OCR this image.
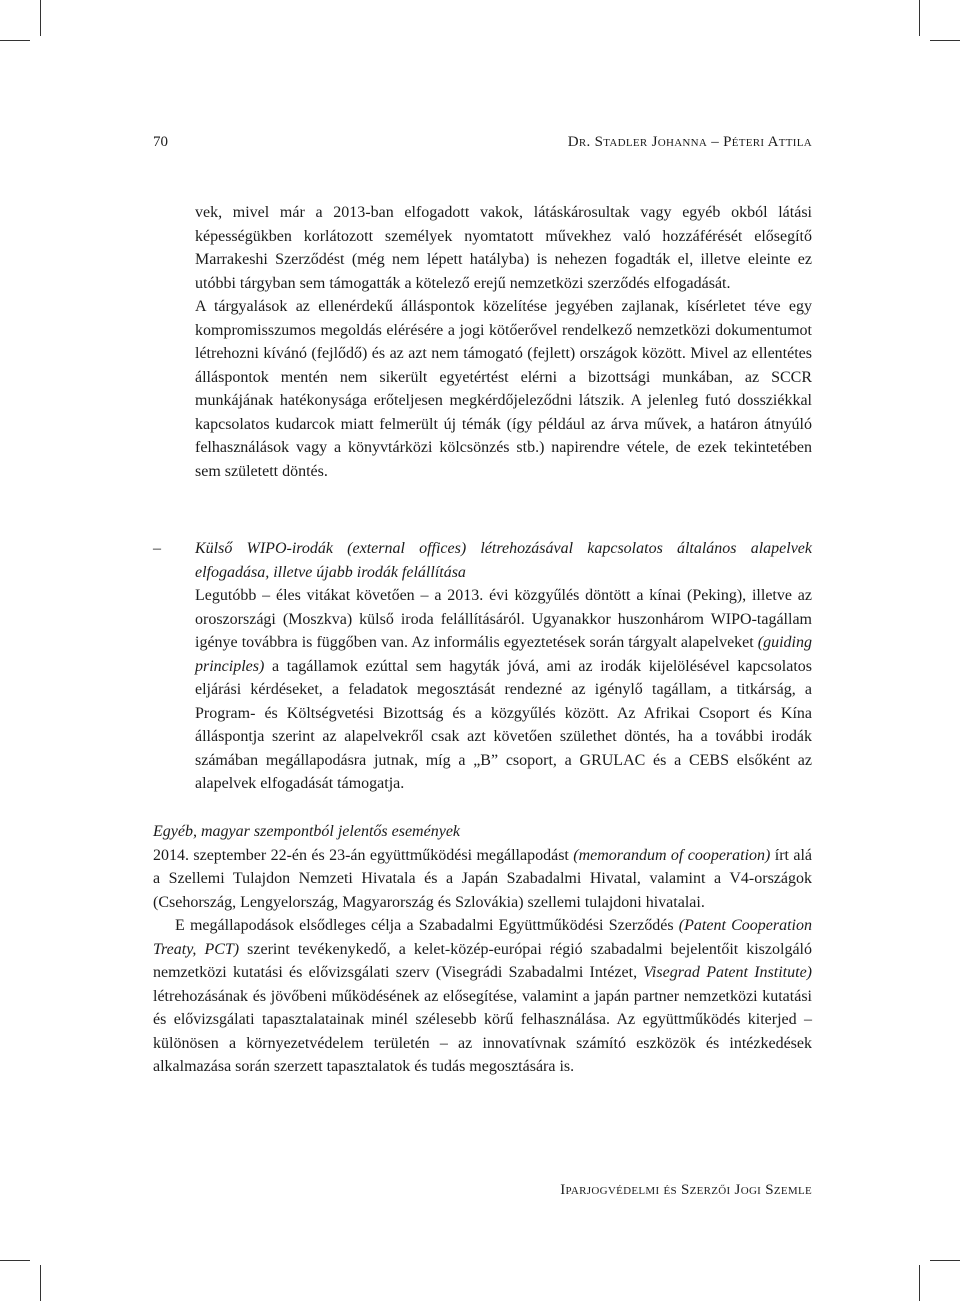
70	Dr. Stadler Johanna – Péteri Attila

vek, mivel már a 2013-ban elfogadott vakok, látáskárosultak vagy egyéb okból látási képességükben korlátozott személyek nyomtatott művekhez való hozzáférését elősegítő Marrakeshi Szerződést (még nem lépett hatályba) is nehezen fogadták el, illetve eleinte ez utóbbi tárgyban sem támogatták a kötelező erejű nemzetközi szerződés elfogadását.

A tárgyalások az ellenérdekű álláspontok közelítése jegyében zajlanak, kísérletet téve egy kompromisszumos megoldás elérésére a jogi kötőerővel rendelkező nemzetközi dokumentumot létrehozni kívánó (fejlődő) és az azt nem támogató (fejlett) országok között. Mivel az ellentétes álláspontok mentén nem sikerült egyetértést elérni a bizottsági munkában, az SCCR munkájának hatékonysága erőteljesen megkérdőjeleződni látszik. A jelenleg futó dossziékkal kapcsolatos kudarcok miatt felmerült új témák (így például az árva művek, a határon átnyúló felhasználások vagy a könyvtárközi kölcsönzés stb.) napirendre vétele, de ezek tekintetében sem született döntés.

–	Külső WIPO-irodák (external offices) létrehozásával kapcsolatos általános alapelvek elfogadása, illetve újabb irodák felállítása

Legutóbb – éles vitákat követően – a 2013. évi közgyűlés döntött a kínai (Peking), illetve az oroszországi (Moszkva) külső iroda felállításáról. Ugyanakkor huszonhárom WIPO-tagállam igénye továbbra is függőben van. Az informális egyeztetések során tárgyalt alapelveket (guiding principles) a tagállamok ezúttal sem hagyták jóvá, ami az irodák kijelölésével kapcsolatos eljárási kérdéseket, a feladatok megosztását rendezné az igénylő tagállam, a titkárság, a Program- és Költségvetési Bizottság és a közgyűlés között. Az Afrikai Csoport és Kína álláspontja szerint az alapelvekről csak azt követően születhet döntés, ha a további irodák számában megállapodásra jutnak, míg a „B” csoport, a GRULAC és a CEBS elsőként az alapelvek elfogadását támogatja.

Egyéb, magyar szempontból jelentős események

2014. szeptember 22-én és 23-án együttműködési megállapodást (memorandum of cooperation) írt alá a Szellemi Tulajdon Nemzeti Hivatala és a Japán Szabadalmi Hivatal, valamint a V4-országok (Csehország, Lengyelország, Magyarország és Szlovákia) szellemi tulajdoni hivatalai.

E megállapodások elsődleges célja a Szabadalmi Együttműködési Szerződés (Patent Cooperation Treaty, PCT) szerint tevékenykedő, a kelet-közép-európai régió szabadalmi bejelentőit kiszolgáló nemzetközi kutatási és elővizsgálati szerv (Visegrádi Szabadalmi Intézet, Visegrad Patent Institute) létrehozásának és jövőbeni működésének az elősegítése, valamint a japán partner nemzetközi kutatási és elővizsgálati tapasztalatainak minél szélesebb körű felhasználása. Az együttműködés kiterjed – különösen a környezetvédelem területén – az innovatívnak számító eszközök és intézkedések alkalmazása során szerzett tapasztalatok és tudás megosztására is.

Iparjogvédelmi és Szerzői Jogi Szemle
